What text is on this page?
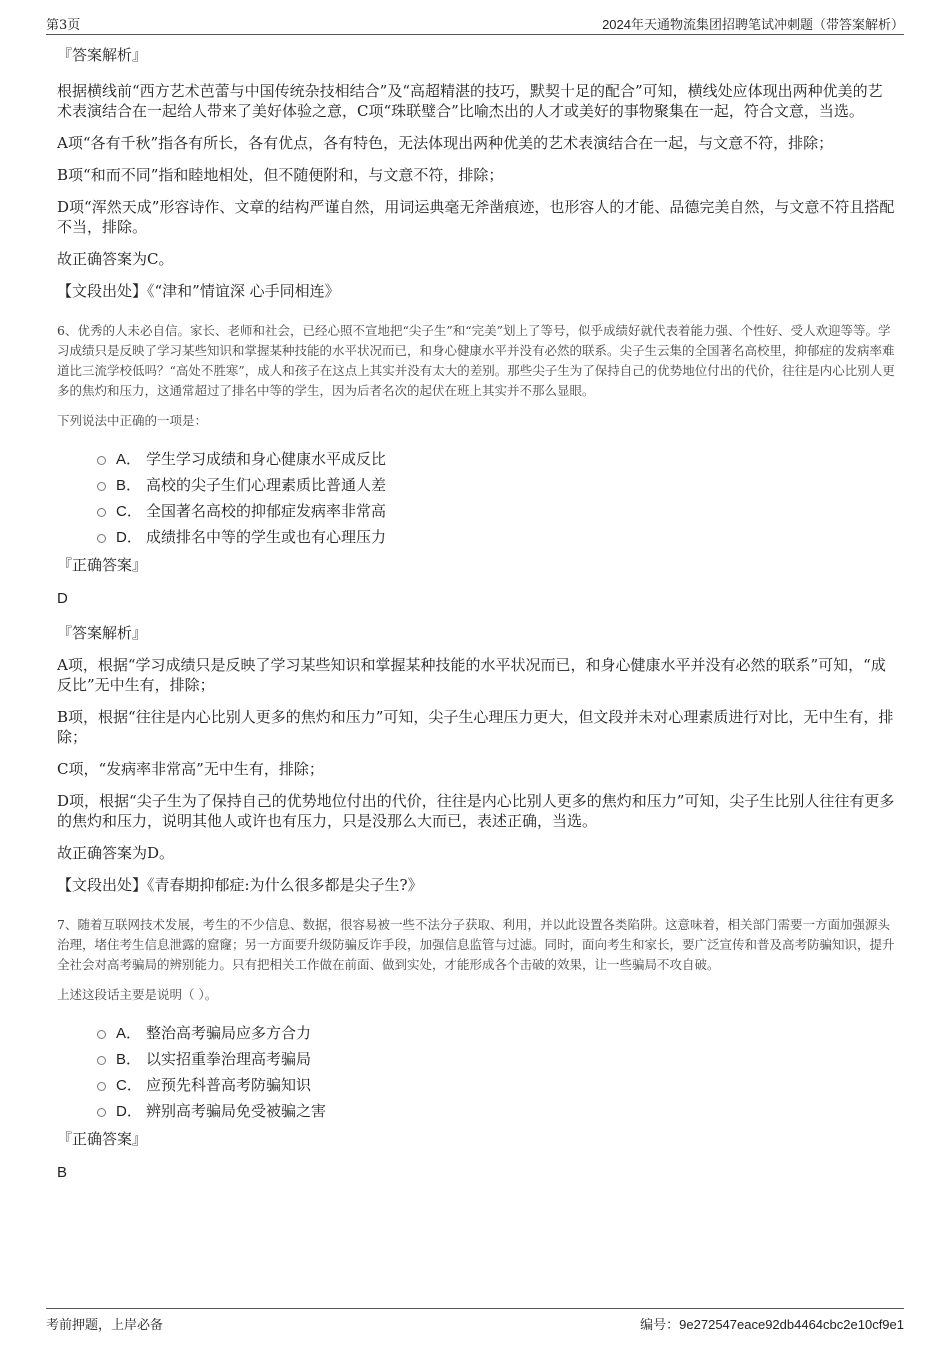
第3页	2024年天通物流集团招聘笔试冲刺题（带答案解析）

『答案解析』

根据横线前“西方艺术芭蕾与中国传统杂技相结合”及“高超精湛的技巧，默契十足的配合”可知，横线处应体现出两种优美的艺术表演结合在一起给人带来了美好体验之意，C项“珠联璧合”比喻杰出的人才或美好的事物聚集在一起，符合文意，当选。

A项“各有千秋”指各有所长，各有优点，各有特色，无法体现出两种优美的艺术表演结合在一起，与文意不符，排除；

B项“和而不同”指和睦地相处，但不随便附和，与文意不符，排除；

D项“浑然天成”形容诗作、文章的结构严谨自然，用词运典毫无斧凿痕迹，也形容人的才能、品德完美自然，与文意不符且搭配不当，排除。

故正确答案为C。

【文段出处】《“津和”情谊深 心手同相连》

6、优秀的人未必自信。家长、老师和社会，已经心照不宣地把“尖子生”和“完美”划上了等号，似乎成绩好就代表着能力强、个性好、受人欢迎等等。学习成绩只是反映了学习某些知识和掌握某种技能的水平状况而已，和身心健康水平并没有必然的联系。尖子生云集的全国著名高校里，抑郁症的发病率难道比三流学校低吗？“高处不胜寒”，成人和孩子在这点上其实并没有太大的差别。那些尖子生为了保持自己的优势地位付出的代价，往往是内心比别人更多的焦灼和压力，这通常超过了排名中等的学生，因为后者名次的起伏在班上其实并不那么显眼。

下列说法中正确的一项是：

A． 学生学习成绩和身心健康水平成反比
B． 高校的尖子生们心理素质比普通人差
C． 全国著名高校的抑郁症发病率非常高
D． 成绩排名中等的学生或也有心理压力

『正确答案』

D

『答案解析』

A项，根据“学习成绩只是反映了学习某些知识和掌握某种技能的水平状况而已，和身心健康水平并没有必然的联系”可知，“成反比”无中生有，排除；

B项，根据“往往是内心比别人更多的焦灼和压力”可知，尖子生心理压力更大，但文段并未对心理素质进行对比，无中生有，排除；

C项，“发病率非常高”无中生有，排除；

D项，根据“尖子生为了保持自己的优势地位付出的代价，往往是内心比别人更多的焦灼和压力”可知，尖子生比别人往往有更多的焦灼和压力，说明其他人或许也有压力，只是没那么大而已，表述正确，当选。

故正确答案为D。

【文段出处】《青春期抑郁症:为什么很多都是尖子生?》

7、随着互联网技术发展，考生的不少信息、数据，很容易被一些不法分子获取、利用，并以此设置各类陷阱。这意味着，相关部门需要一方面加强源头治理，堵住考生信息泄露的窟窿；另一方面要升级防骗反诈手段，加强信息监管与过滤。同时，面向考生和家长，要广泛宣传和普及高考防骗知识，提升全社会对高考骗局的辨别能力。只有把相关工作做在前面、做到实处，才能形成各个击破的效果，让一些骗局不攻自破。

上述这段话主要是说明（ ）。

A． 整治高考骗局应多方合力
B． 以实招重拳治理高考骗局
C． 应预先科普高考防骗知识
D． 辨别高考骗局免受被骗之害

『正确答案』

B

考前押题，上岸必备	编号：9e272547eace92db4464cbc2e10cf9e1
